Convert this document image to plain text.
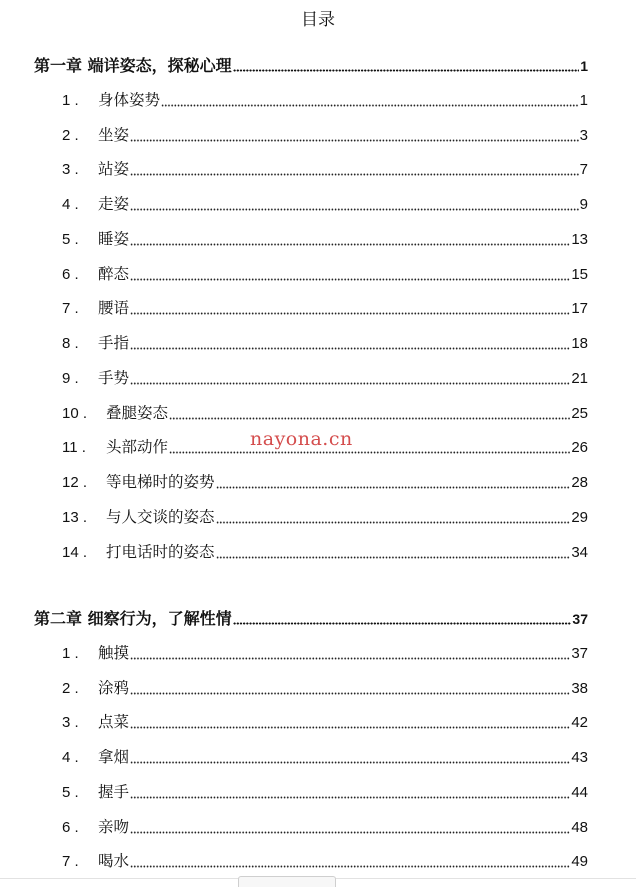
目录
第一章 端详姿态，探秘心理	1
1 . 身体姿势	1
2 . 坐姿	3
3 . 站姿	7
4 . 走姿	9
5 . 睡姿	13
6 . 醉态	15
7 . 腰语	17
8 . 手指	18
9 . 手势	21
10 . 叠腿姿态	25
11 . 头部动作	26
12 . 等电梯时的姿势	28
13 . 与人交谈的姿态	29
14 . 打电话时的姿态	34
第二章 细察行为，了解性情	37
1 . 触摸	37
2 . 涂鸦	38
3 . 点菜	42
4 . 拿烟	43
5 . 握手	44
6 . 亲吻	48
7 . 喝水	49
nayona.cn
